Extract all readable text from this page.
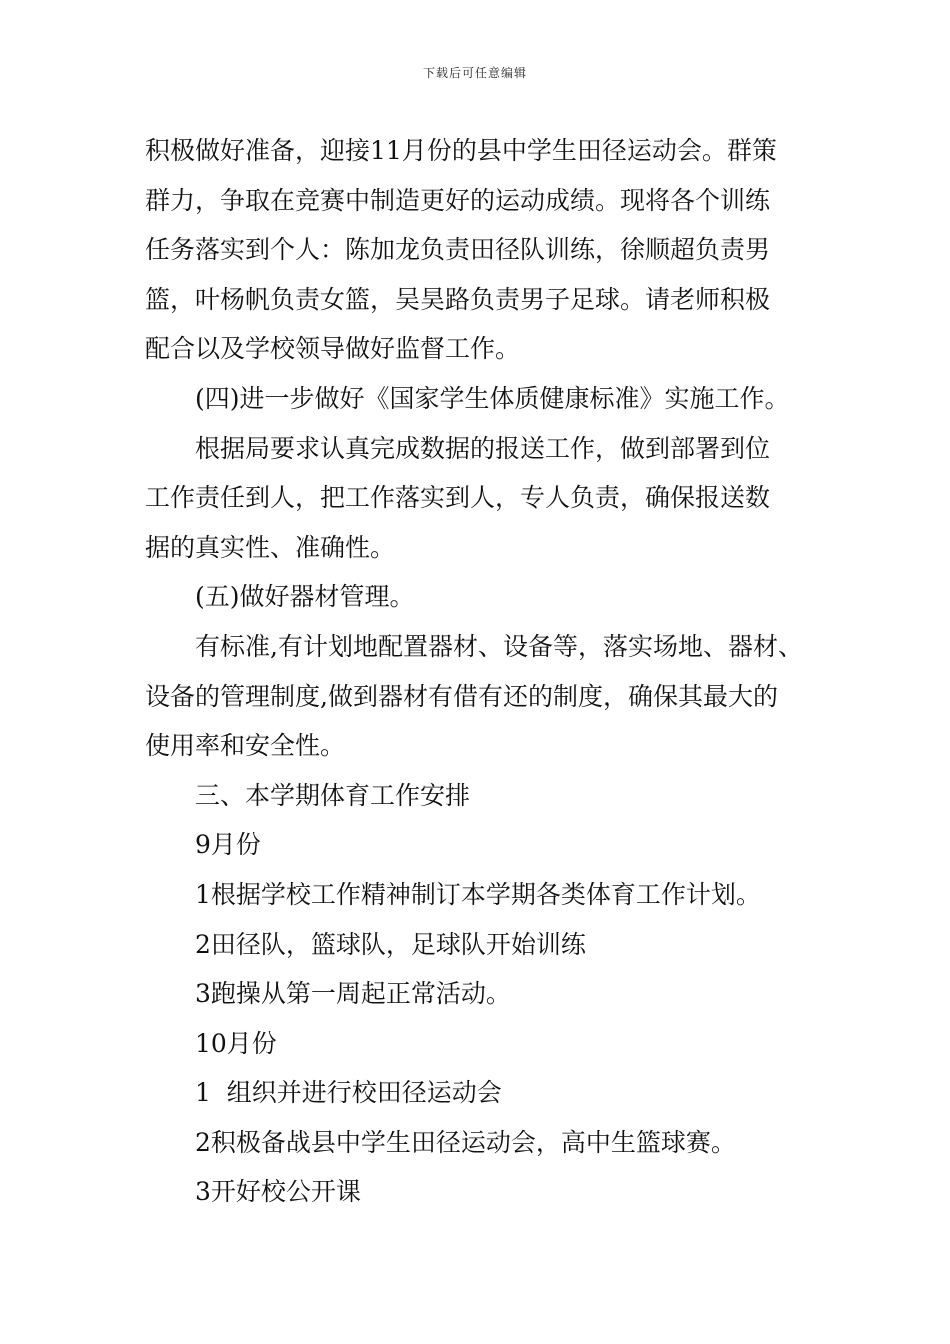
下载后可任意编辑

积极做好准备，迎接11月份的县中学生田径运动会。群策
群力，争取在竞赛中制造更好的运动成绩。现将各个训练
任务落实到个人：陈加龙负责田径队训练，徐顺超负责男
篮，叶杨帆负责女篮，吴昊路负责男子足球。请老师积极
配合以及学校领导做好监督工作。

(四)进一步做好《国家学生体质健康标准》实施工作。

根据局要求认真完成数据的报送工作，做到部署到位
工作责任到人，把工作落实到人，专人负责，确保报送数
据的真实性、准确性。

(五)做好器材管理。

有标准,有计划地配置器材、设备等，落实场地、器材、
设备的管理制度,做到器材有借有还的制度，确保其最大的
使用率和安全性。

三、本学期体育工作安排

9月份

1根据学校工作精神制订本学期各类体育工作计划。

2田径队，篮球队，足球队开始训练

3跑操从第一周起正常活动。

10月份

1  组织并进行校田径运动会

2积极备战县中学生田径运动会，高中生篮球赛。

3开好校公开课
